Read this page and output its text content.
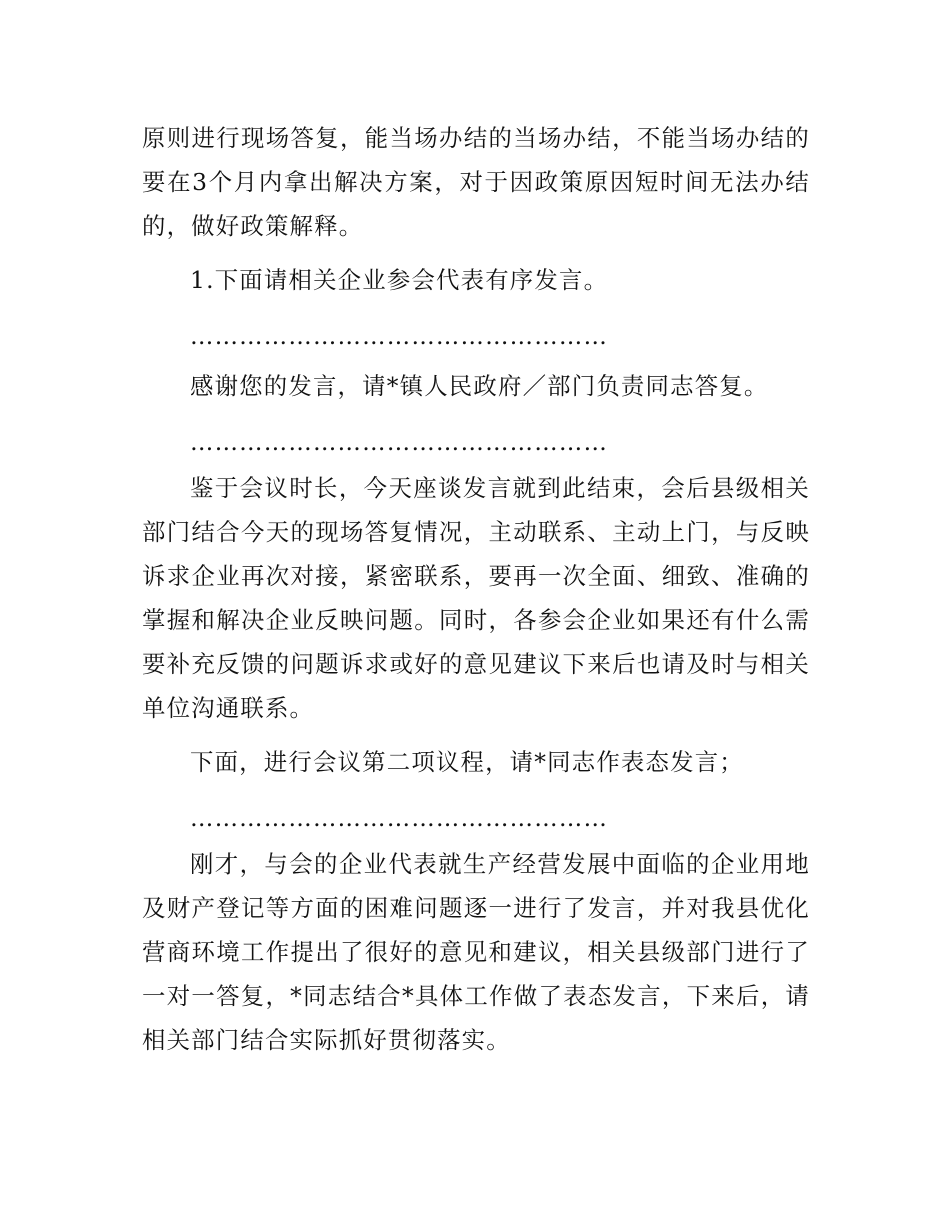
原则进行现场答复，能当场办结的当场办结，不能当场办结的要在3个月内拿出解决方案，对于因政策原因短时间无法办结的，做好政策解释。

1.下面请相关企业参会代表有序发言。

……………………………………………

感谢您的发言，请*镇人民政府／部门负责同志答复。

……………………………………………

鉴于会议时长，今天座谈发言就到此结束，会后县级相关部门结合今天的现场答复情况，主动联系、主动上门，与反映诉求企业再次对接，紧密联系，要再一次全面、细致、准确的掌握和解决企业反映问题。同时，各参会企业如果还有什么需要补充反馈的问题诉求或好的意见建议下来后也请及时与相关单位沟通联系。

下面，进行会议第二项议程，请*同志作表态发言；

……………………………………………

刚才，与会的企业代表就生产经营发展中面临的企业用地及财产登记等方面的困难问题逐一进行了发言，并对我县优化营商环境工作提出了很好的意见和建议，相关县级部门进行了一对一答复，*同志结合*具体工作做了表态发言，下来后，请相关部门结合实际抓好贯彻落实。
